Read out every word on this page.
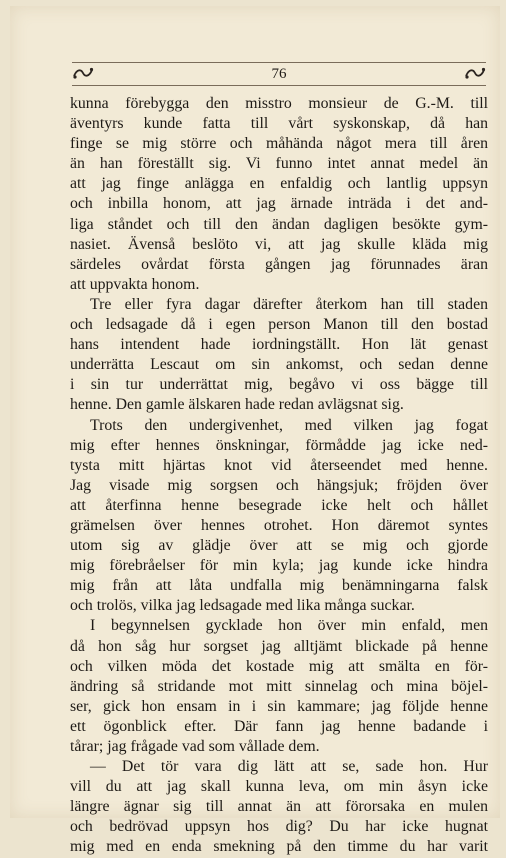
76
kunna förebygga den misstro monsieur de G.-M. till
äventyrs kunde fatta till vårt syskonskap, då han
finge se mig större och måhända något mera till åren
än han föreställt sig. Vi funno intet annat medel än
att jag finge anlägga en enfaldig och lantlig uppsyn
och inbilla honom, att jag ärnade inträda i det and-
liga ståndet och till den ändan dagligen besökte gym-
nasiet. Ävenså beslöto vi, att jag skulle kläda mig
särdeles ovårdat första gången jag förunnades äran
att uppvakta honom.
Tre eller fyra dagar därefter återkom han till staden
och ledsagade då i egen person Manon till den bostad
hans intendent hade iordningställt. Hon lät genast
underrätta Lescaut om sin ankomst, och sedan denne
i sin tur underrättat mig, begåvo vi oss bägge till
henne. Den gamle älskaren hade redan avlägsnat sig.
Trots den undergivenhet, med vilken jag fogat
mig efter hennes önskningar, förmådde jag icke ned-
tysta mitt hjärtas knot vid återseendet med henne.
Jag visade mig sorgsen och hängsjuk; fröjden över
att återfinna henne besegrade icke helt och hållet
grämelsen över hennes otrohet. Hon däremot syntes
utom sig av glädje över att se mig och gjorde
mig förebråelser för min kyla; jag kunde icke hindra
mig från att låta undfalla mig benämningarna falsk
och trolös, vilka jag ledsagade med lika många suckar.
I begynnelsen gycklade hon över min enfald, men
då hon såg hur sorgset jag alltjämt blickade på henne
och vilken möda det kostade mig att smälta en för-
ändring så stridande mot mitt sinnelag och mina böjel-
ser, gick hon ensam in i sin kammare; jag följde henne
ett ögonblick efter. Där fann jag henne badande i
tårar; jag frågade vad som vållade dem.
— Det tör vara dig lätt att se, sade hon. Hur
vill du att jag skall kunna leva, om min åsyn icke
längre ägnar sig till annat än att förorsaka en mulen
och bedrövad uppsyn hos dig? Du har icke hugnat
mig med en enda smekning på den timme du har varit
